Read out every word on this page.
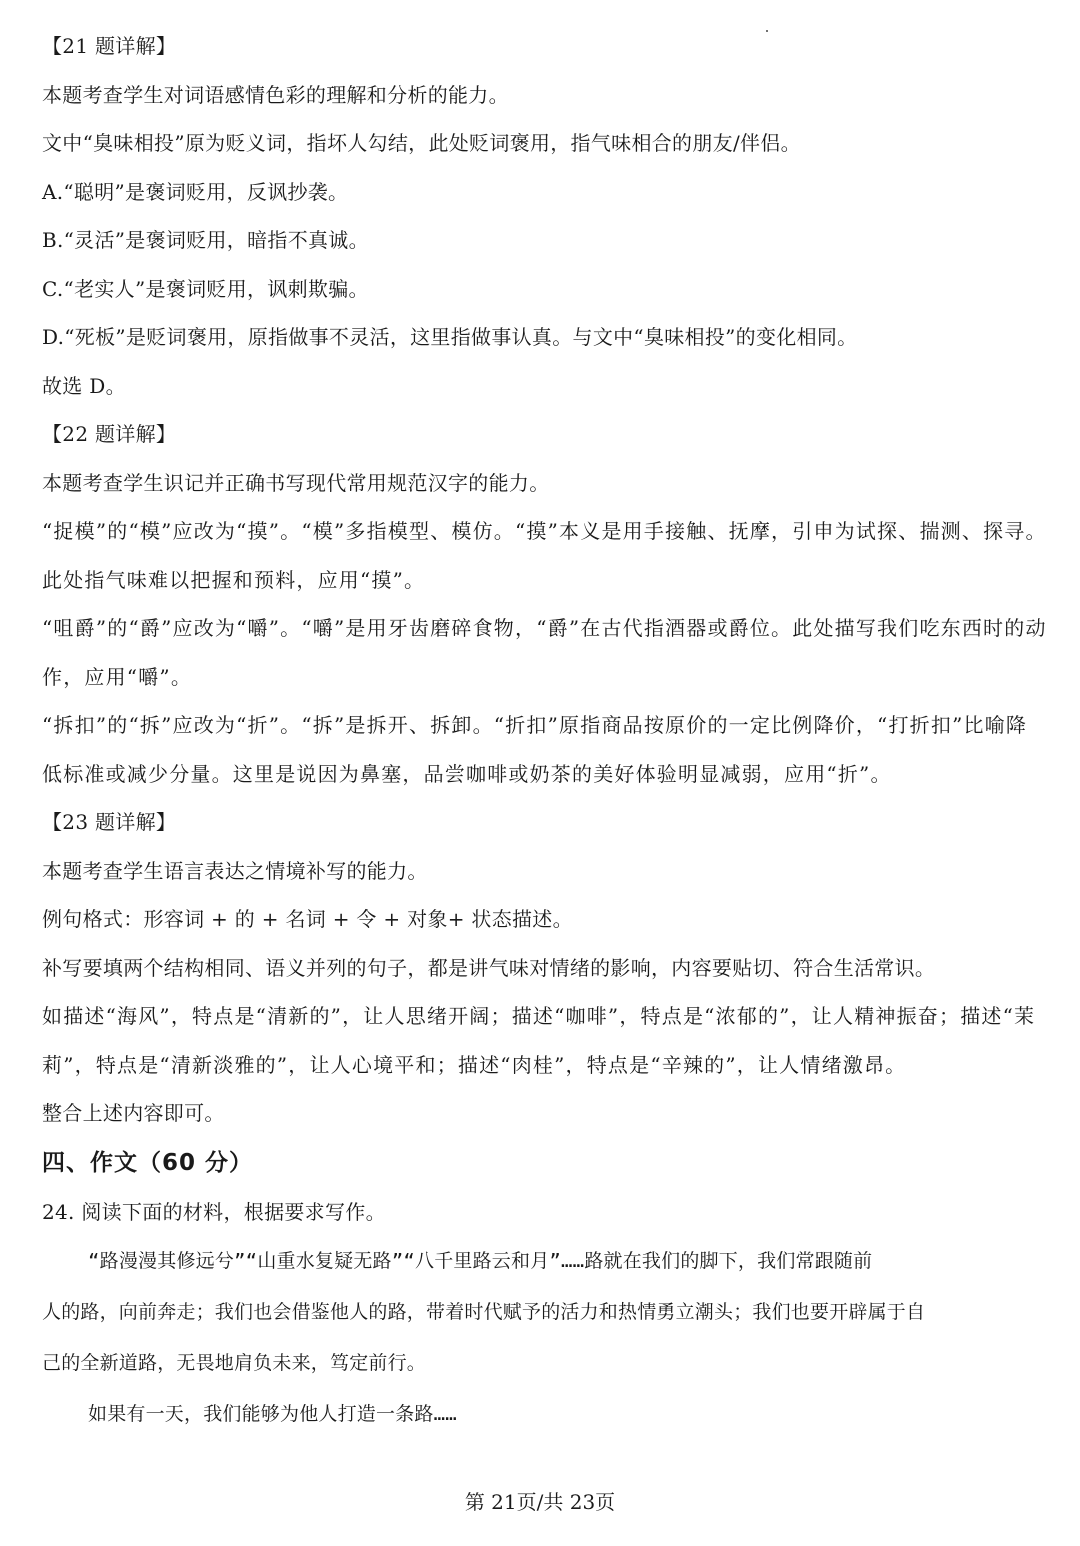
【21 题详解】
本题考查学生对词语感情色彩的理解和分析的能力。
文中“臭味相投”原为贬义词，指坏人勾结，此处贬词褒用，指气味相合的朋友/伴侣。
A.“聪明”是褒词贬用，反讽抄袭。
B.“灵活”是褒词贬用，暗指不真诚。
C.“老实人”是褒词贬用，讽刺欺骗。
D.“死板”是贬词褒用，原指做事不灵活，这里指做事认真。与文中“臭味相投”的变化相同。
故选 D。
【22 题详解】
本题考查学生识记并正确书写现代常用规范汉字的能力。
“捉模”的“模”应改为“摸”。“模”多指模型、模仿。“摸”本义是用手接触、抚摩，引申为试探、揣测、探寻。此处指气味难以把握和预料，应用“摸”。
“咀爵”的“爵”应改为“嚼”。“嚼”是用牙齿磨碎食物，“爵”在古代指酒器或爵位。此处描写我们吃东西时的动作，应用“嚼”。
“拆扣”的“拆”应改为“折”。“拆”是拆开、拆卸。“折扣”原指商品按原价的一定比例降价，“打折扣”比喻降低标准或减少分量。这里是说因为鼻塞，品尝咖啡或奶茶的美好体验明显减弱，应用“折”。
【23 题详解】
本题考查学生语言表达之情境补写的能力。
例句格式：形容词 + 的 + 名词 + 令 + 对象+ 状态描述。
补写要填两个结构相同、语义并列的句子，都是讲气味对情绪的影响，内容要贴切、符合生活常识。
如描述“海风”，特点是“清新的”，让人思绪开阔；描述“咖啡”，特点是“浓郁的”，让人精神振奋；描述“茉莉”，特点是“清新淡雅的”，让人心境平和；描述“肉桂”，特点是“辛辣的”，让人情绪激昂。
整合上述内容即可。
四、作文（60 分）
24. 阅读下面的材料，根据要求写作。
“路漫漫其修远兮”“山重水复疑无路”“八千里路云和月”……路就在我们的脚下，我们常跟随前
人的路，向前奔走；我们也会借鉴他人的路，带着时代赋予的活力和热情勇立潮头；我们也要开辟属于自
己的全新道路，无畏地肩负未来，笃定前行。
如果有一天，我们能够为他人打造一条路……
第 21页/共 23页
